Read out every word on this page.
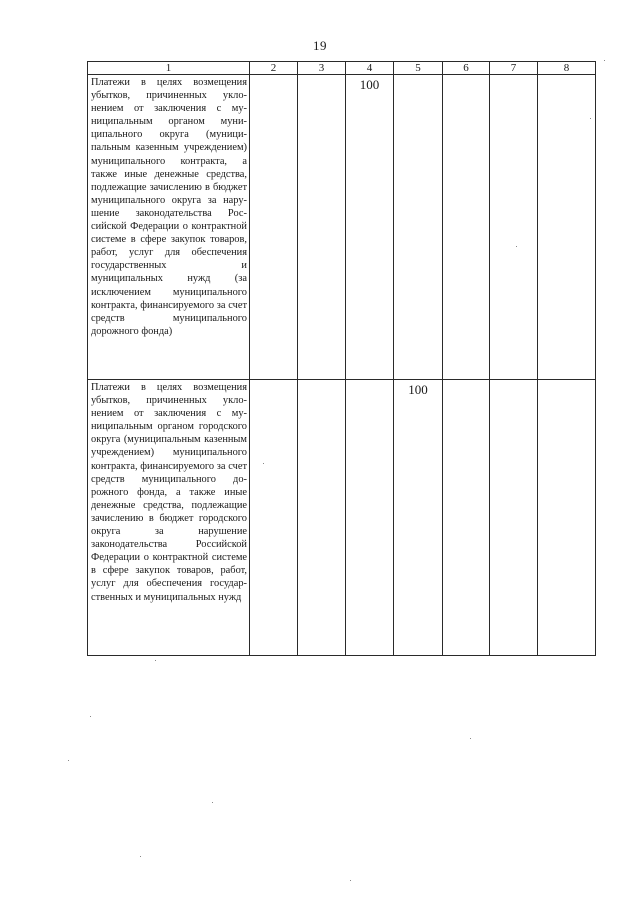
19
1	2	3	4	5	6	7	8
Платежи в целях возмещения убытков, причиненных уклонением от заключения с муниципальным органом муниципального округа (муниципальным казенным учреждением) муниципального контракта, а также иные денежные средства, подлежащие зачислению в бюджет муниципального округа за нарушение законодательства Российской Федерации о контрактной системе в сфере закупок товаров, работ, услуг для обеспечения государственных и муниципальных нужд (за исключением муниципального контракта, финансируемого за счет средств муниципального дорожного фонда)			100				
Платежи в целях возмещения убытков, причиненных уклонением от заключения с муниципальным органом городского округа (муниципальным казенным учреждением) муниципального контракта, финансируемого за счет средств муниципального дорожного фонда, а также иные денежные средства, подлежащие зачислению в бюджет городского округа за нарушение законодательства Российской Федерации о контрактной системе в сфере закупок товаров, работ, услуг для обеспечения государственных и муниципальных нужд				100			
